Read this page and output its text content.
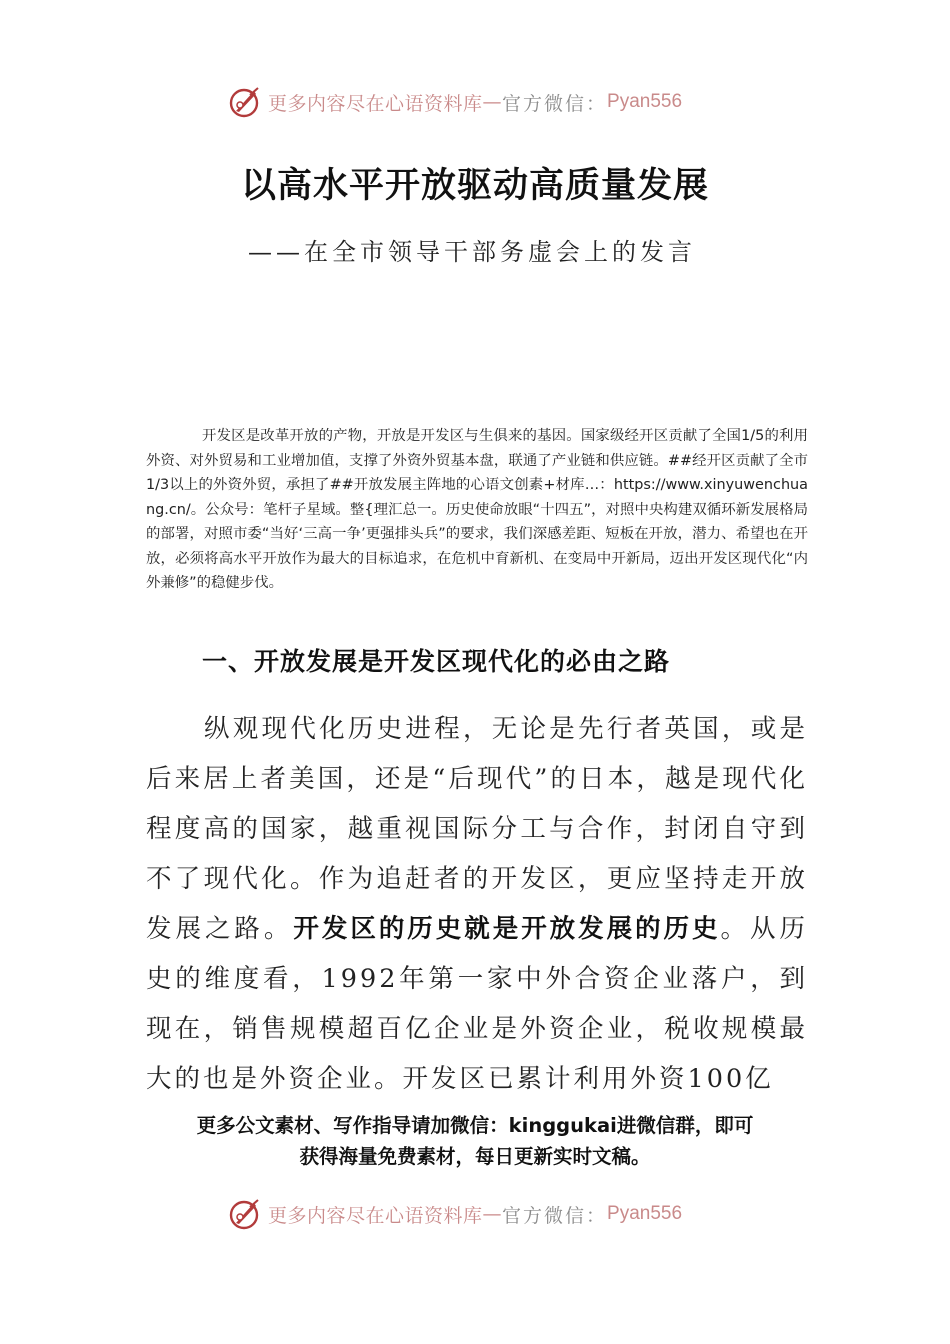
更多内容尽在心语资料库 — 官方微信： Pyan556
以高水平开放驱动高质量发展
——在全市领导干部务虚会上的发言
开发区是改革开放的产物，开放是开发区与生俱来的基因。国家级经开区贡献了全国1/5的利用外资、对外贸易和工业增加值，支撑了外资外贸基本盘，联通了产业链和供应链。##经开区贡献了全市1/3以上的外资外贸，承担了##开放发展主阵地的心语文创素+材库…：https://www.xinyuwenchuang.cn/。公众号：笔杆子星域。整{理汇总一。历史使命放眼“十四五”，对照中央构建双循环新发展格局的部署，对照市委“当好‘三高一争’更强排头兵”的要求，我们深感差距、短板在开放，潜力、希望也在开放，必须将高水平开放作为最大的目标追求，在危机中育新机、在变局中开新局，迈出开发区现代化“内外兼修”的稳健步伐。
一、开放发展是开发区现代化的必由之路
纵观现代化历史进程，无论是先行者英国，或是后来居上者美国，还是“后现代”的日本，越是现代化程度高的国家，越重视国际分工与合作，封闭自守到不了现代化。作为追赶者的开发区，更应坚持走开放发展之路。开发区的历史就是开放发展的历史。从历史的维度看，1992年第一家中外合资企业落户，到现在，销售规模超百亿企业是外资企业，税收规模最大的也是外资企业。开发区已累计利用外资100亿
更多公文素材、写作指导请加微信：kinggukai进微信群，即可
获得海量免费素材，每日更新实时文稿。
更多内容尽在心语资料库 — 官方微信： Pyan556
